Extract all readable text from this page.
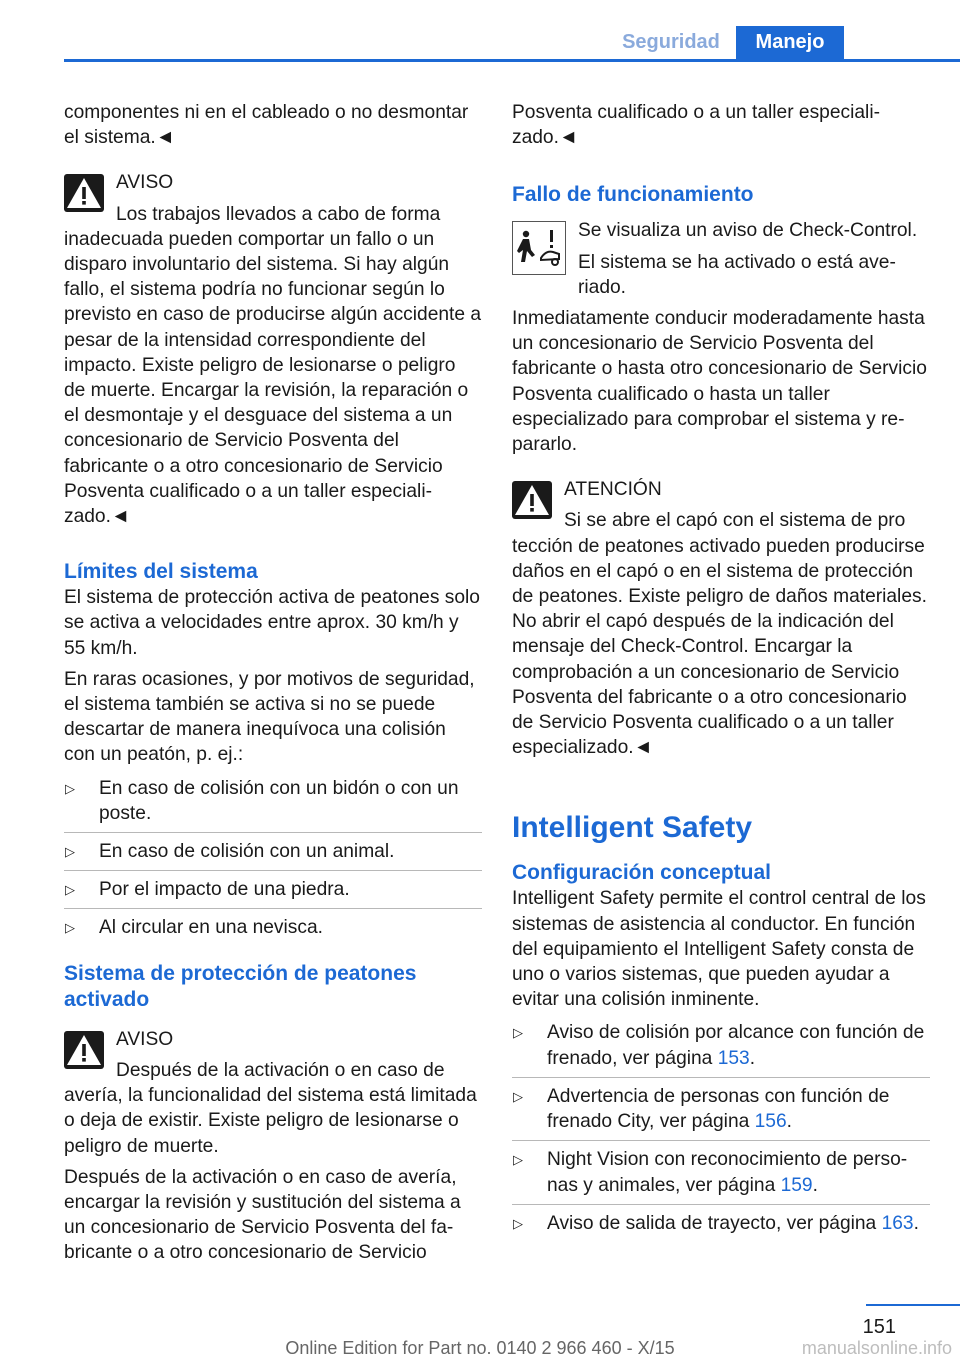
Seguridad	Manejo

componentes ni en el cableado o no desmontar el sistema.◄

AVISO

Los trabajos llevados a cabo de forma

inadecuada pueden comportar un fallo o un disparo involuntario del sistema. Si hay algún fallo, el sistema podría no funcionar según lo previsto en caso de producirse algún accidente a pesar de la intensidad correspondiente del impacto. Existe peligro de lesionarse o peligro de muerte. Encargar la revisión, la reparación o el desmontaje y el desguace del sistema a un concesionario de Servicio Posventa del fabricante o a otro concesionario de Servicio Posventa cualificado o a un taller especializado.◄

Límites del sistema

El sistema de protección activa de peatones solo se activa a velocidades entre aprox. 30 km/h y 55 km/h.

En raras ocasiones, y por motivos de seguridad, el sistema también se activa si no se puede descartar de manera inequívoca una colisión con un peatón, p. ej.:

▷ En caso de colisión con un bidón o con un poste.
▷ En caso de colisión con un animal.
▷ Por el impacto de una piedra.
▷ Al circular en una nevisca.
Sistema de protección de peatones activado

AVISO

Después de la activación o en caso de

avería, la funcionalidad del sistema está limitada o deja de existir. Existe peligro de lesionarse o peligro de muerte.

Después de la activación o en caso de avería, encargar la revisión y sustitución del sistema a un concesionario de Servicio Posventa del fabricante o a otro concesionario de Servicio

Posventa cualificado o a un taller especializado.◄

Fallo de funcionamiento

Se visualiza un aviso de Check-Control.

El sistema se ha activado o está averiado.

Inmediatamente conducir moderadamente hasta un concesionario de Servicio Posventa del fabricante o hasta otro concesionario de Servicio Posventa cualificado o hasta un taller especializado para comprobar el sistema y repararlo.

ATENCIÓN

Si se abre el capó con el sistema de pro

tección de peatones activado pueden producirse daños en el capó o en el sistema de protección de peatones. Existe peligro de daños materiales. No abrir el capó después de la indicación del mensaje del Check-Control. Encargar la comprobación a un concesionario de Servicio Posventa del fabricante o a otro concesionario de Servicio Posventa cualificado o a un taller especializado.◄

Intelligent Safety
Configuración conceptual

Intelligent Safety permite el control central de los sistemas de asistencia al conductor. En función del equipamiento el Intelligent Safety consta de uno o varios sistemas, que pueden ayudar a evitar una colisión inminente.

▷ Aviso de colisión por alcance con función de frenado, ver página 153.
▷ Advertencia de personas con función de frenado City, ver página 156.
▷ Night Vision con reconocimiento de personas y animales, ver página 159.
▷ Aviso de salida de trayecto, ver página 163.
151
Online Edition for Part no. 0140 2 966 460 - X/15	manualsonline.info
